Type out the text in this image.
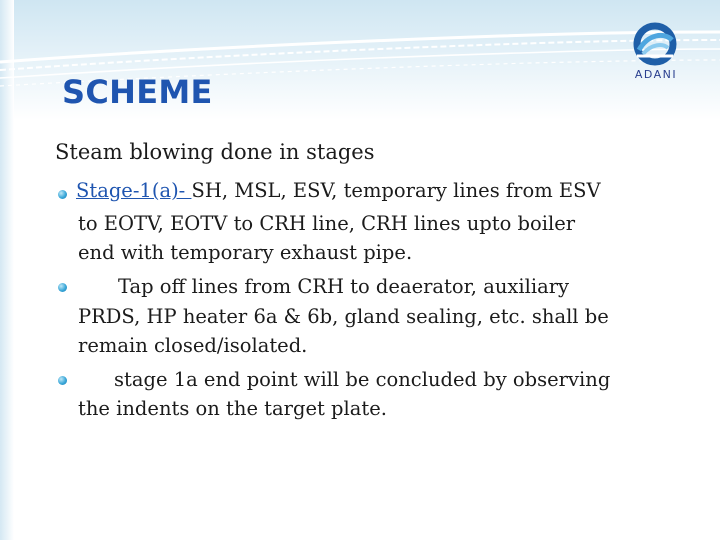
SCHEME	ADANI
Steam blowing done in stages
Stage-1(a)- SH, MSL, ESV, temporary lines from ESV
to EOTV, EOTV to CRH line, CRH lines upto boiler
end with temporary exhaust pipe.
Tap off lines from CRH to deaerator, auxiliary
PRDS, HP heater 6a & 6b, gland sealing, etc. shall be
remain closed/isolated.
stage 1a end point will be concluded by observing
the indents on the target plate.
